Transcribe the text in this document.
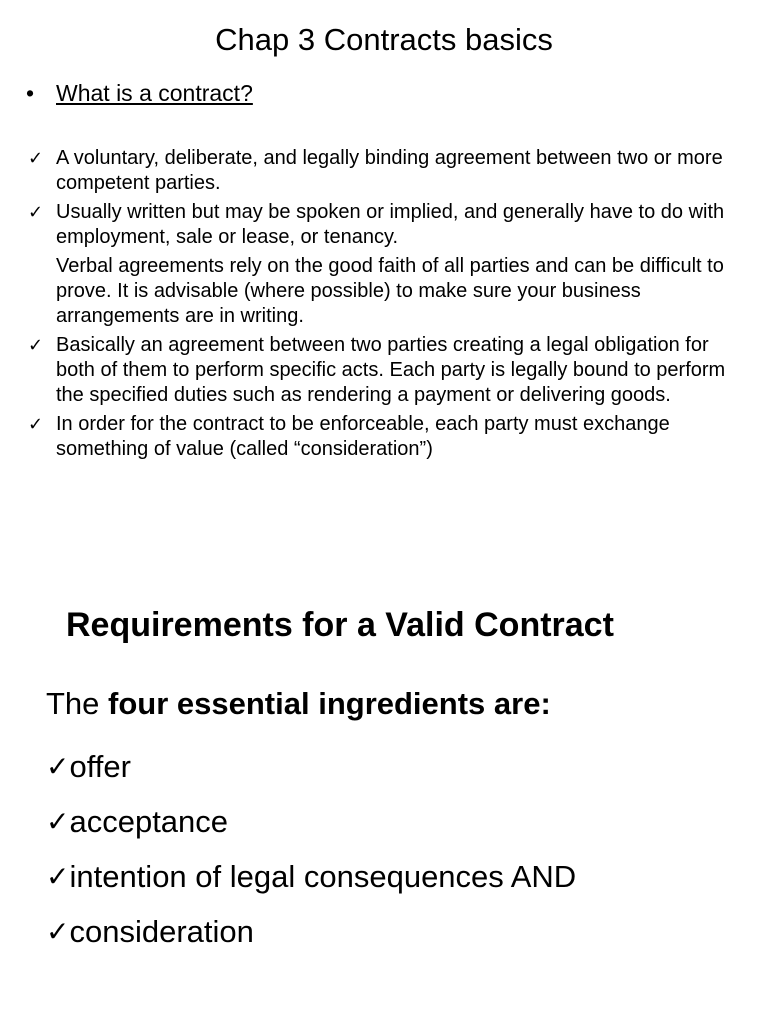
Chap 3 Contracts basics
• What is a contract?
✓ A voluntary, deliberate, and legally binding agreement between two or more competent parties.
✓ Usually written but may be spoken or implied, and generally have to do with employment, sale or lease, or tenancy.
Verbal agreements rely on the good faith of all parties and can be difficult to prove. It is advisable (where possible) to make sure your business arrangements are in writing.
✓ Basically an agreement between two parties creating a legal obligation for both of them to perform specific acts. Each party is legally bound to perform the specified duties such as rendering a payment or delivering goods.
✓ In order for the contract to be enforceable, each party must exchange something of value (called “consideration”)
Requirements for a Valid Contract
The four essential ingredients are:
✓ offer
✓ acceptance
✓ intention of legal consequences AND
✓ consideration
